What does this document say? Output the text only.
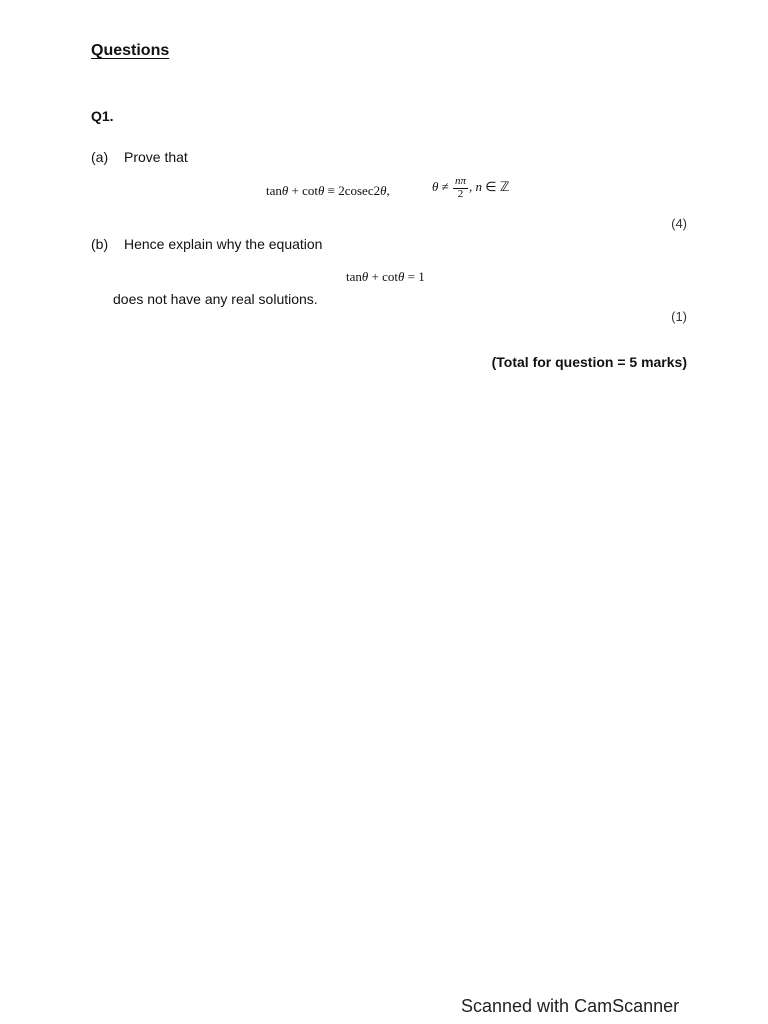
Questions
Q1.
(a) Prove that
tanθ + cotθ ≡ 2cosec2θ,	$\theta \ne \frac{n\pi}{2}$ , n ∈ ℤ
(4)
(b) Hence explain why the equation
tanθ + cotθ = 1
does not have any real solutions.
(1)
(Total for question = 5 marks)
Scanned with CamScanner
